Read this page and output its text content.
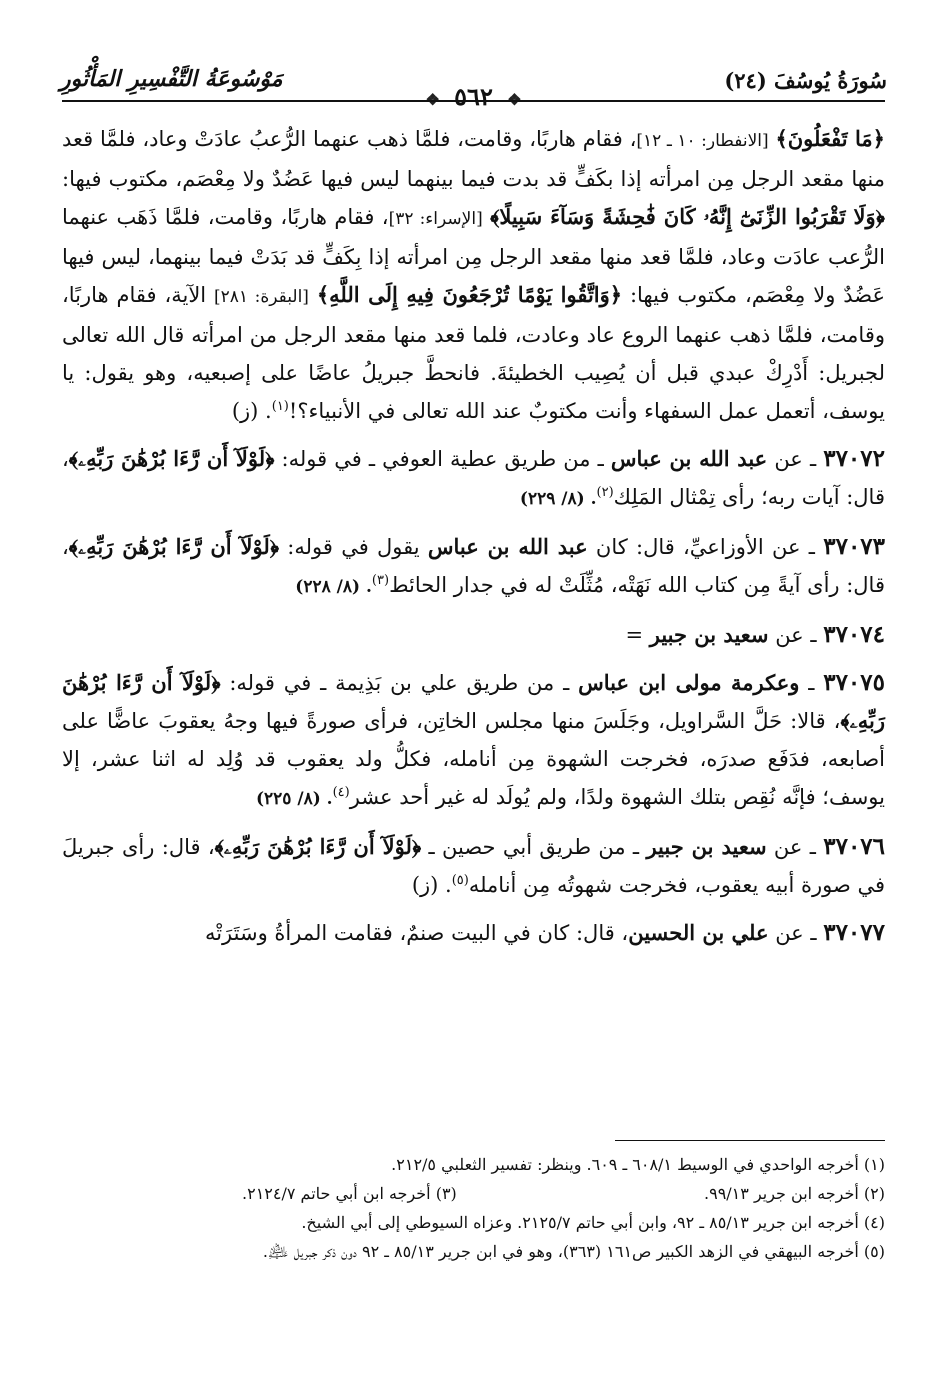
سُورَةُ يُوسُفَ (٢٤)
❖ ٥٦٢ ❖
مَوْسُوعَةُ التَّفْسِيرِ المَأْثُورِ

﴿مَا تَفْعَلُونَ﴾ [الانفطار: ١٠ ـ ١٢]، فقام هاربًا، وقامت، فلمَّا ذهب عنهما الرُّعبُ عادَتْ وعاد، فلمَّا قعد منها مقعد الرجل مِن امرأته إذا بكَفٍّ قد بدت فيما بينهما ليس فيها عَضُدٌ ولا مِعْصَم، مكتوب فيها: ﴿وَلَا تَقْرَبُوا الزِّنَىٰٓ إِنَّهُۥ كَانَ فَٰحِشَةً وَسَآءَ سَبِيلًا﴾ [الإسراء: ٣٢]، فقام هاربًا، وقامت، فلمَّا ذَهَب عنهما الرُّعب عادَت وعاد، فلمَّا قعد منها مقعد الرجل مِن امرأته إذا بِكَفٍّ قد بَدَتْ فيما بينهما، ليس فيها عَضُدٌ ولا مِعْصَم، مكتوب فيها: ﴿وَاتَّقُوا يَوْمًا تُرْجَعُونَ فِيهِ إِلَى اللَّهِ﴾ [البقرة: ٢٨١] الآية، فقام هاربًا، وقامت، فلمَّا ذهب عنهما الروع عاد وعادت، فلما قعد منها مقعد الرجل من امرأته قال الله تعالى لجبريل: أَدْرِكْ عبدي قبل أن يُصِيب الخطيئةَ. فانحطَّ جبريلُ عاضًا على إصبعيه، وهو يقول: يا يوسف، أتعمل عمل السفهاء وأنت مكتوبٌ عند الله تعالى في الأنبياء؟!$^{(١)}$. (ز)

٣٧٠٧٢ ـ عن عبد الله بن عباس ـ من طريق عطية العوفي ـ في قوله: ﴿لَوْلَآ أَن رَّءَا بُرْهَٰنَ رَبِّهِۦ﴾، قال: آيات ربه؛ رأى تِمْثال المَلِك$^{(٢)}$. (٨/ ٢٢٩)

٣٧٠٧٣ ـ عن الأوزاعيِّ، قال: كان عبد الله بن عباس يقول في قوله: ﴿لَوْلَآ أَن رَّءَا بُرْهَٰنَ رَبِّهِۦ﴾، قال: رأى آيةً مِن كتاب الله نَهَتْه، مُثِّلَتْ له في جدار الحائط$^{(٣)}$. (٨/ ٢٢٨)

٣٧٠٧٤ ـ عن سعيد بن جبير =

٣٧٠٧٥ ـ وعكرمة مولى ابن عباس ـ من طريق علي بن بَذِيمة ـ في قوله: ﴿لَوْلَآ أَن رَّءَا بُرْهَٰنَ رَبِّهِۦ﴾، قالا: حَلَّ السَّراويل، وجَلَسَ منها مجلس الخاتِن، فرأى صورةً فيها وجهُ يعقوبَ عاضًّا على أصابعه، فدَفَع صدرَه، فخرجت الشهوة مِن أنامله، فكلُّ ولد يعقوب قد وُلِد له اثنا عشر، إلا يوسف؛ فإنَّه نُقِص بتلك الشهوة ولدًا، ولم يُولَد له غير أحد عشر$^{(٤)}$. (٨/ ٢٢٥)

٣٧٠٧٦ ـ عن سعيد بن جبير ـ من طريق أبي حصين ـ ﴿لَوْلَآ أَن رَّءَا بُرْهَٰنَ رَبِّهِۦ﴾، قال: رأى جبريلَ في صورة أبيه يعقوب، فخرجت شهوتُه مِن أنامله$^{(٥)}$. (ز)

٣٧٠٧٧ ـ عن علي بن الحسين، قال: كان في البيت صنمٌ، فقامت المرأةُ وسَتَرَتْه

(١) أخرجه الواحدي في الوسيط ٦٠٨/١ ـ ٦٠٩. وينظر: تفسير الثعلبي ٢١٢/٥.

(٢) أخرجه ابن جرير ٩٩/١٣.
(٣) أخرجه ابن أبي حاتم ٢١٢٤/٧.

(٤) أخرجه ابن جرير ٨٥/١٣ ـ ٩٢، وابن أبي حاتم ٢١٢٥/٧. وعزاه السيوطي إلى أبي الشيخ.

(٥) أخرجه البيهقي في الزهد الكبير ص١٦١ (٣٦٣)، وهو في ابن جرير ٨٥/١٣ ـ ٩٢ دون ذكر جبريل ﵇.
